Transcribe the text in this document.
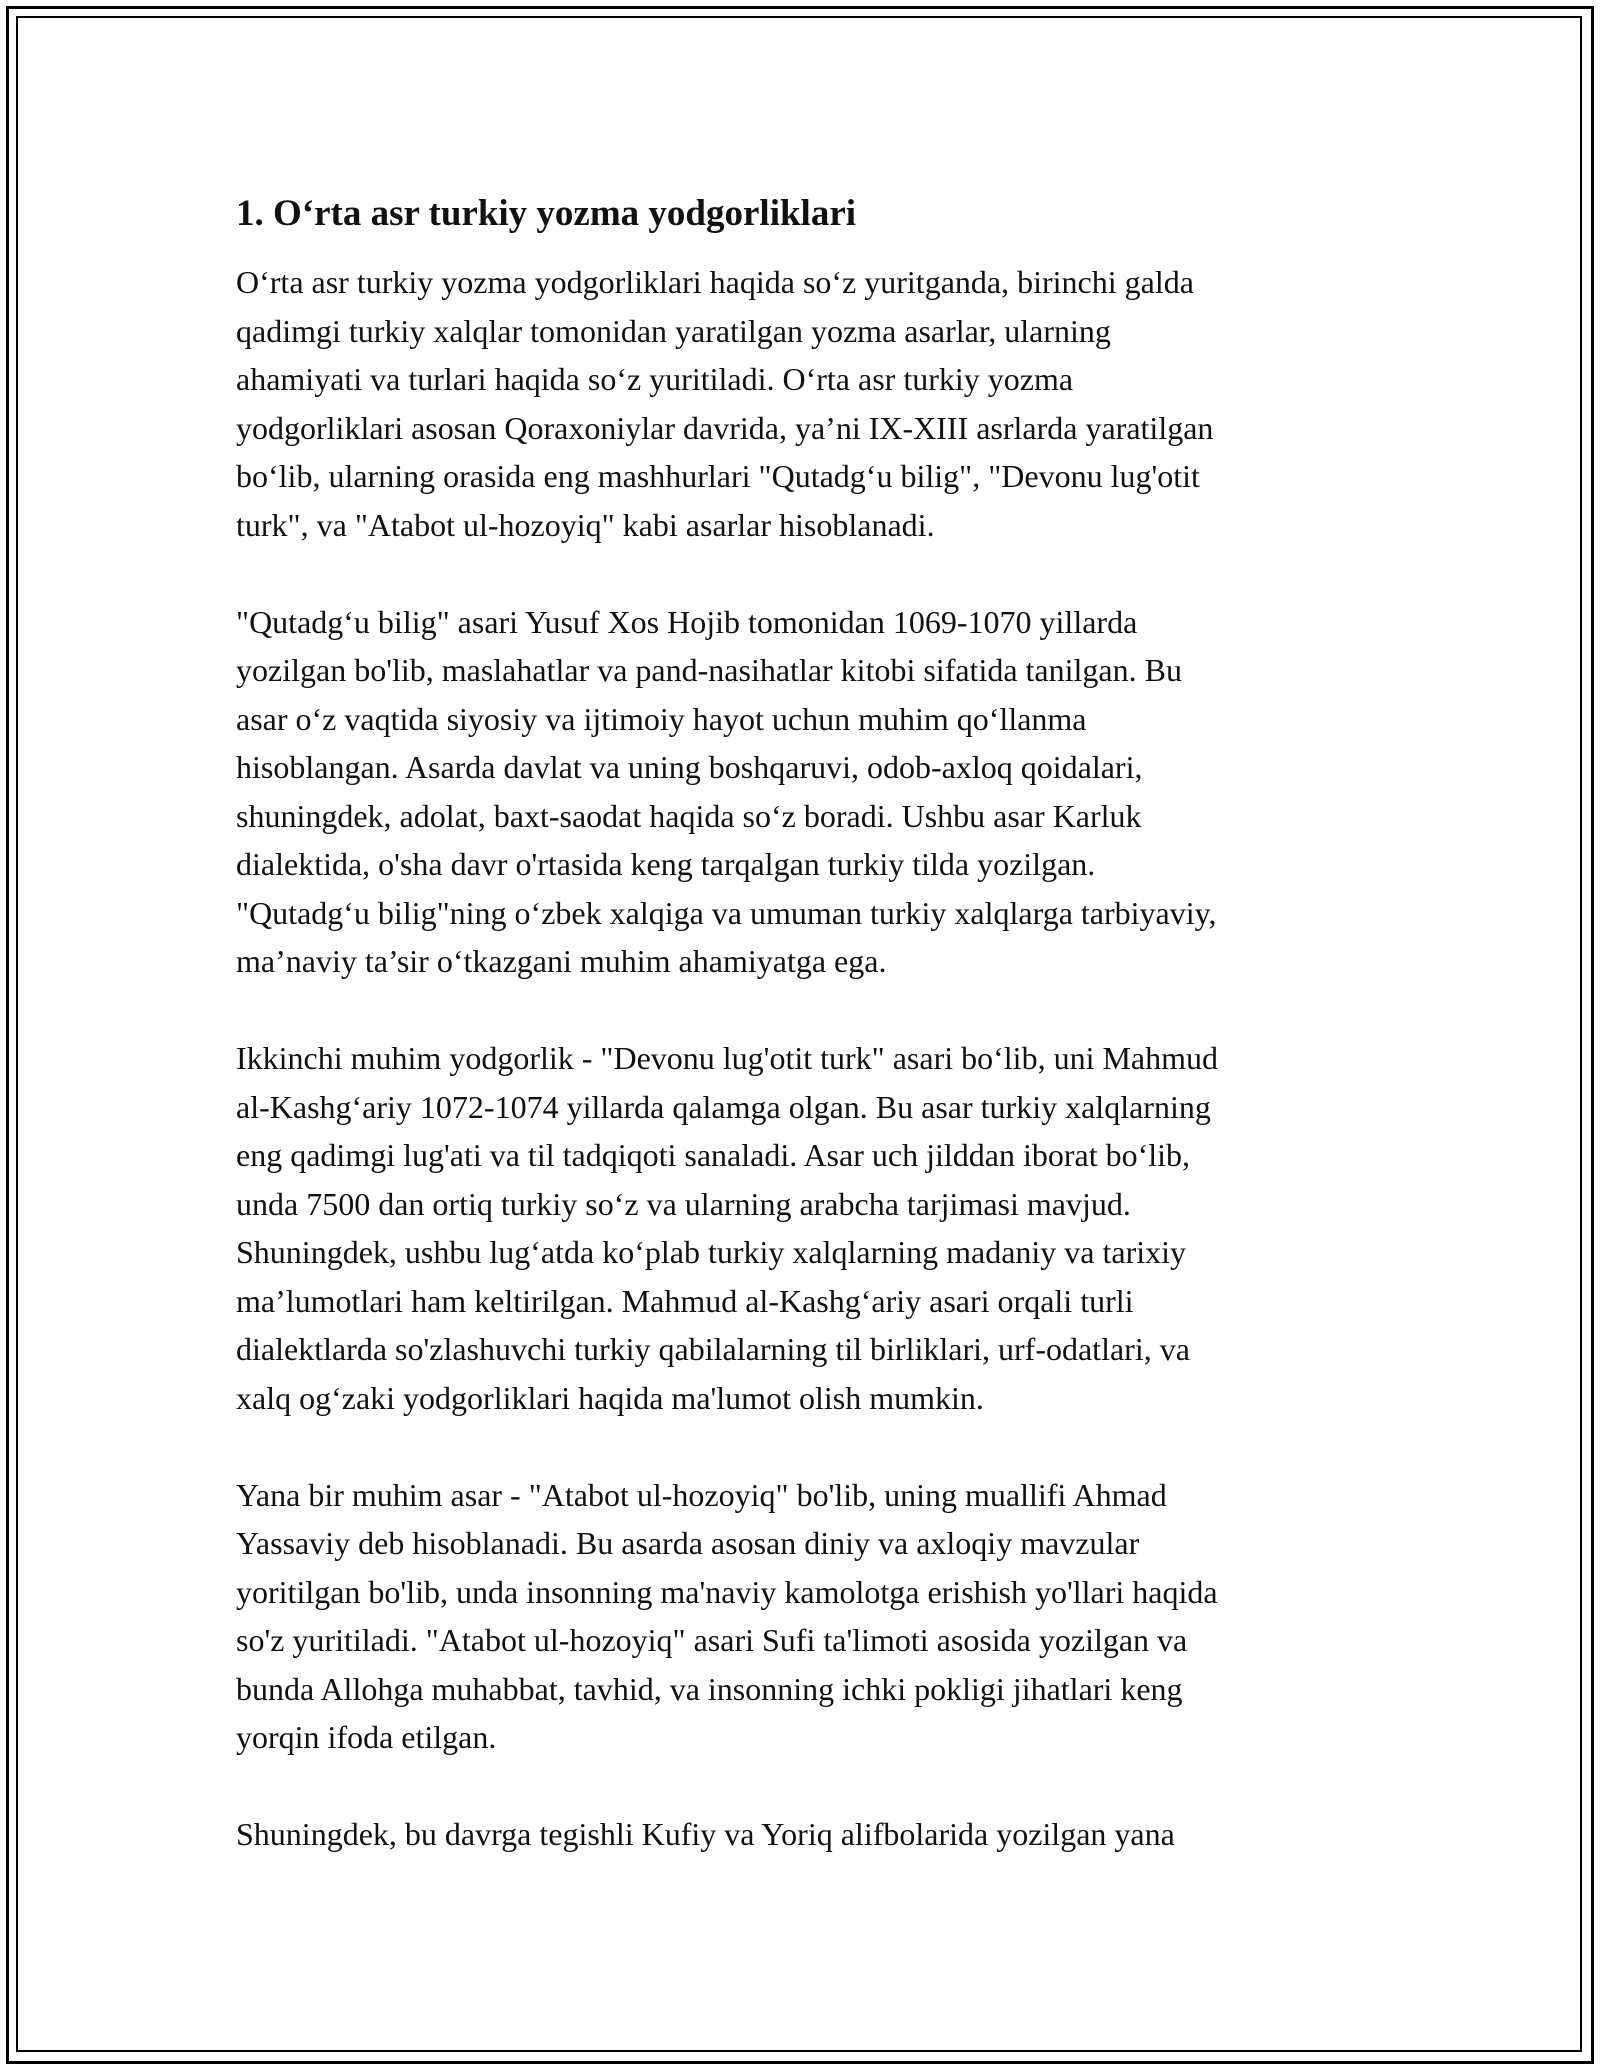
1. O‘rta asr turkiy yozma yodgorliklari
O‘rta asr turkiy yozma yodgorliklari haqida so‘z yuritganda, birinchi galda
qadimgi turkiy xalqlar tomonidan yaratilgan yozma asarlar, ularning
ahamiyati va turlari haqida so‘z yuritiladi. O‘rta asr turkiy yozma
yodgorliklari asosan Qoraxoniylar davrida, ya’ni IX-XIII asrlarda yaratilgan
bo‘lib, ularning orasida eng mashhurlari "Qutadg‘u bilig", "Devonu lug'otit
turk", va "Atabot ul-hozoyiq" kabi asarlar hisoblanadi.
"Qutadg‘u bilig" asari Yusuf Xos Hojib tomonidan 1069-1070 yillarda
yozilgan bo'lib, maslahatlar va pand-nasihatlar kitobi sifatida tanilgan. Bu
asar o‘z vaqtida siyosiy va ijtimoiy hayot uchun muhim qo‘llanma
hisoblangan. Asarda davlat va uning boshqaruvi, odob-axloq qoidalari,
shuningdek, adolat, baxt-saodat haqida so‘z boradi. Ushbu asar Karluk
dialektida, o'sha davr o'rtasida keng tarqalgan turkiy tilda yozilgan.
"Qutadg‘u bilig"ning o‘zbek xalqiga va umuman turkiy xalqlarga tarbiyaviy,
ma’naviy ta’sir o‘tkazgani muhim ahamiyatga ega.
Ikkinchi muhim yodgorlik - "Devonu lug'otit turk" asari bo‘lib, uni Mahmud
al-Kashg‘ariy 1072-1074 yillarda qalamga olgan. Bu asar turkiy xalqlarning
eng qadimgi lug'ati va til tadqiqoti sanaladi. Asar uch jilddan iborat bo‘lib,
unda 7500 dan ortiq turkiy so‘z va ularning arabcha tarjimasi mavjud.
Shuningdek, ushbu lug‘atda ko‘plab turkiy xalqlarning madaniy va tarixiy
ma’lumotlari ham keltirilgan. Mahmud al-Kashg‘ariy asari orqali turli
dialektlarda so'zlashuvchi turkiy qabilalarning til birliklari, urf-odatlari, va
xalq og‘zaki yodgorliklari haqida ma'lumot olish mumkin.
Yana bir muhim asar - "Atabot ul-hozoyiq" bo'lib, uning muallifi Ahmad
Yassaviy deb hisoblanadi. Bu asarda asosan diniy va axloqiy mavzular
yoritilgan bo'lib, unda insonning ma'naviy kamolotga erishish yo'llari haqida
so'z yuritiladi. "Atabot ul-hozoyiq" asari Sufi ta'limoti asosida yozilgan va
bunda Allohga muhabbat, tavhid, va insonning ichki pokligi jihatlari keng
yorqin ifoda etilgan.
Shuningdek, bu davrga tegishli Kufiy va Yoriq alifbolarida yozilgan yana
